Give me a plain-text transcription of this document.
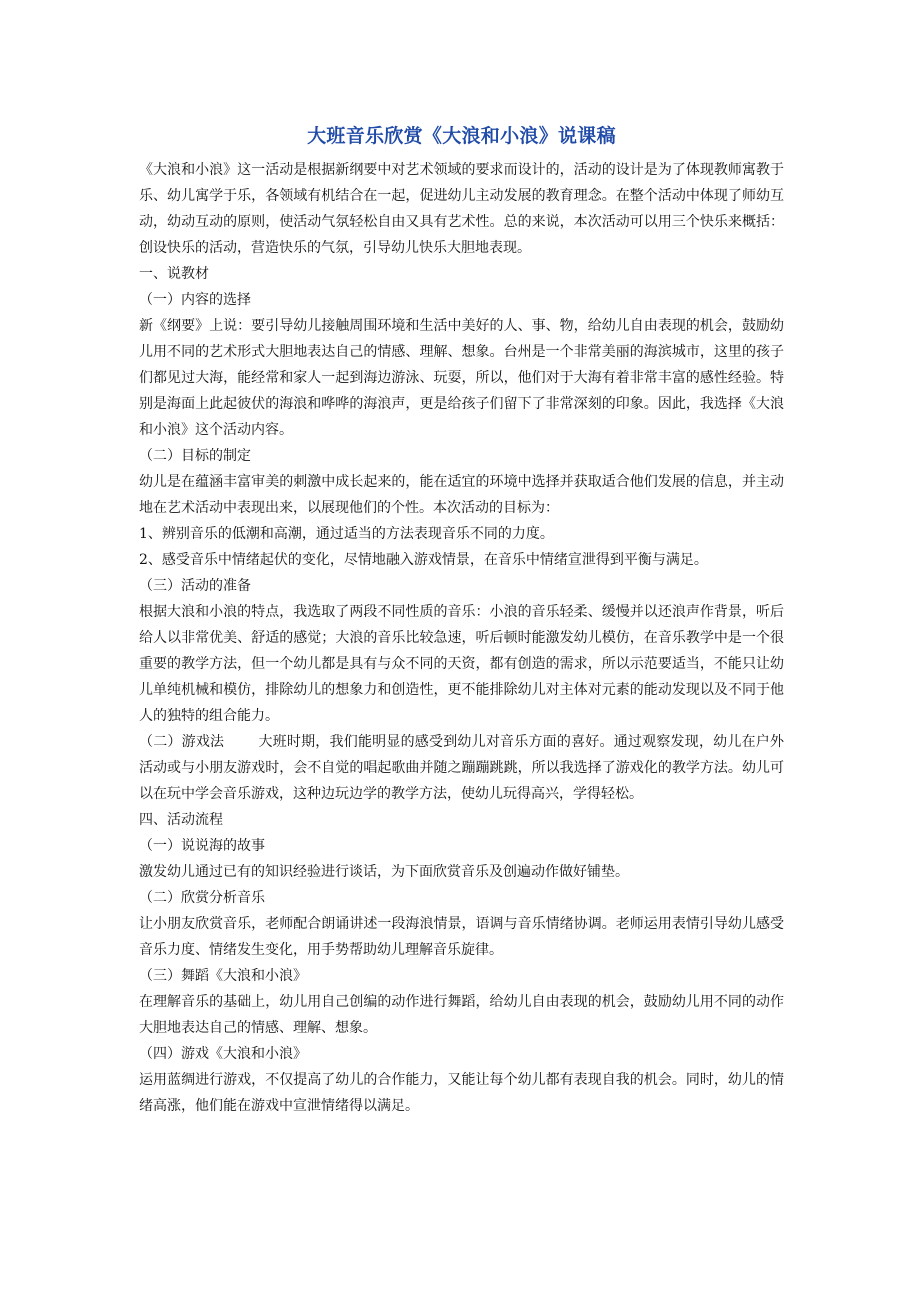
大班音乐欣赏《大浪和小浪》说课稿

《大浪和小浪》这一活动是根据新纲要中对艺术领域的要求而设计的，活动的设计是为了体现教师寓教于乐、幼儿寓学于乐，各领域有机结合在一起，促进幼儿主动发展的教育理念。在整个活动中体现了师幼互动，幼动互动的原则，使活动气氛轻松自由又具有艺术性。总的来说，本次活动可以用三个快乐来概括：创设快乐的活动，营造快乐的气氛，引导幼儿快乐大胆地表现。

一、说教材

（一）内容的选择

新《纲要》上说：要引导幼儿接触周围环境和生活中美好的人、事、物，给幼儿自由表现的机会，鼓励幼儿用不同的艺术形式大胆地表达自己的情感、理解、想象。台州是一个非常美丽的海滨城市，这里的孩子们都见过大海，能经常和家人一起到海边游泳、玩耍，所以，他们对于大海有着非常丰富的感性经验。特别是海面上此起彼伏的海浪和哗哗的海浪声，更是给孩子们留下了非常深刻的印象。因此，我选择《大浪和小浪》这个活动内容。

（二）目标的制定

幼儿是在蕴涵丰富审美的刺激中成长起来的，能在适宜的环境中选择并获取适合他们发展的信息，并主动地在艺术活动中表现出来，以展现他们的个性。本次活动的目标为：

1、辨别音乐的低潮和高潮，通过适当的方法表现音乐不同的力度。

2、感受音乐中情绪起伏的变化，尽情地融入游戏情景，在音乐中情绪宣泄得到平衡与满足。

（三）活动的准备

根据大浪和小浪的特点，我选取了两段不同性质的音乐：小浪的音乐轻柔、缓慢并以还浪声作背景，听后给人以非常优美、舒适的感觉；大浪的音乐比较急速，听后顿时能激发幼儿模仿，在音乐教学中是一个很重要的教学方法，但一个幼儿都是具有与众不同的天资，都有创造的需求，所以示范要适当，不能只让幼儿单纯机械和模仿，排除幼儿的想象力和创造性，更不能排除幼儿对主体对元素的能动发现以及不同于他人的独特的组合能力。

（二）游戏法 大班时期，我们能明显的感受到幼儿对音乐方面的喜好。通过观察发现，幼儿在户外活动或与小朋友游戏时，会不自觉的唱起歌曲并随之蹦蹦跳跳，所以我选择了游戏化的教学方法。幼儿可以在玩中学会音乐游戏，这种边玩边学的教学方法，使幼儿玩得高兴，学得轻松。

四、活动流程

（一）说说海的故事

激发幼儿通过已有的知识经验进行谈话，为下面欣赏音乐及创遍动作做好铺垫。

（二）欣赏分析音乐

让小朋友欣赏音乐，老师配合朗诵讲述一段海浪情景，语调与音乐情绪协调。老师运用表情引导幼儿感受音乐力度、情绪发生变化，用手势帮助幼儿理解音乐旋律。

（三）舞蹈《大浪和小浪》

在理解音乐的基础上，幼儿用自己创编的动作进行舞蹈，给幼儿自由表现的机会，鼓励幼儿用不同的动作大胆地表达自己的情感、理解、想象。

（四）游戏《大浪和小浪》

运用蓝绸进行游戏，不仅提高了幼儿的合作能力，又能让每个幼儿都有表现自我的机会。同时，幼儿的情绪高涨，他们能在游戏中宣泄情绪得以满足。
